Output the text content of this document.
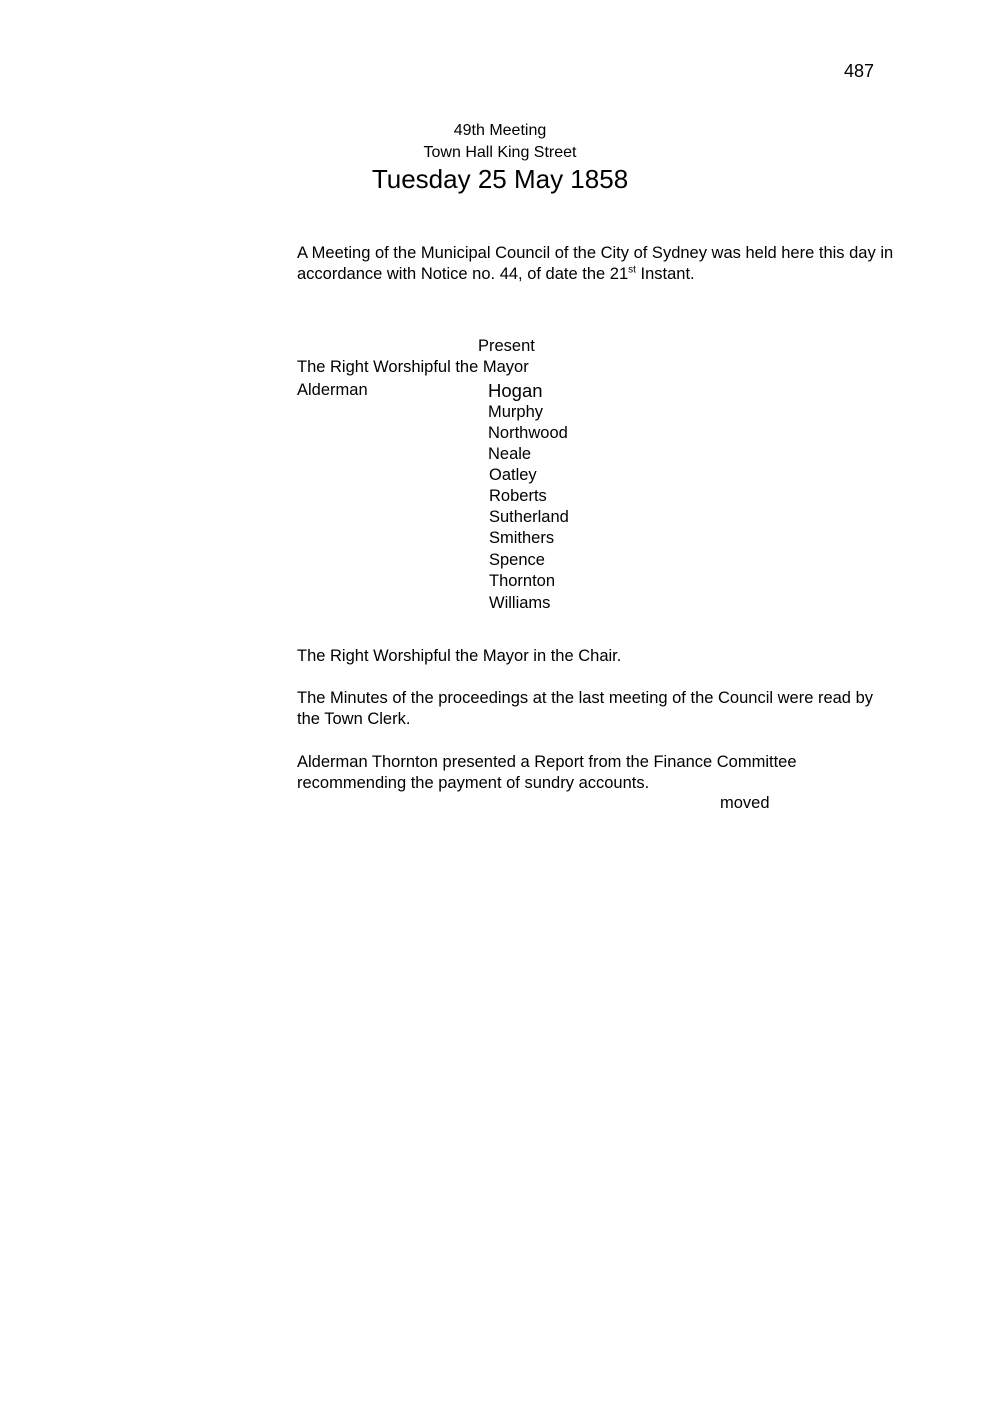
487
49th Meeting
Town Hall King Street
Tuesday 25 May 1858
A Meeting of the Municipal Council of the City of Sydney was held here this day in accordance with Notice no. 44, of date the 21st Instant.
Present
The Right Worshipful the Mayor
Alderman	Hogan
Murphy
Northwood
Neale
Oatley
Roberts
Sutherland
Smithers
Spence
Thornton
Williams
The Right Worshipful the Mayor in the Chair.
The Minutes of the proceedings at the last meeting of the Council were read by the Town Clerk.
Alderman Thornton presented a Report from the Finance Committee recommending the payment of sundry accounts.
moved
